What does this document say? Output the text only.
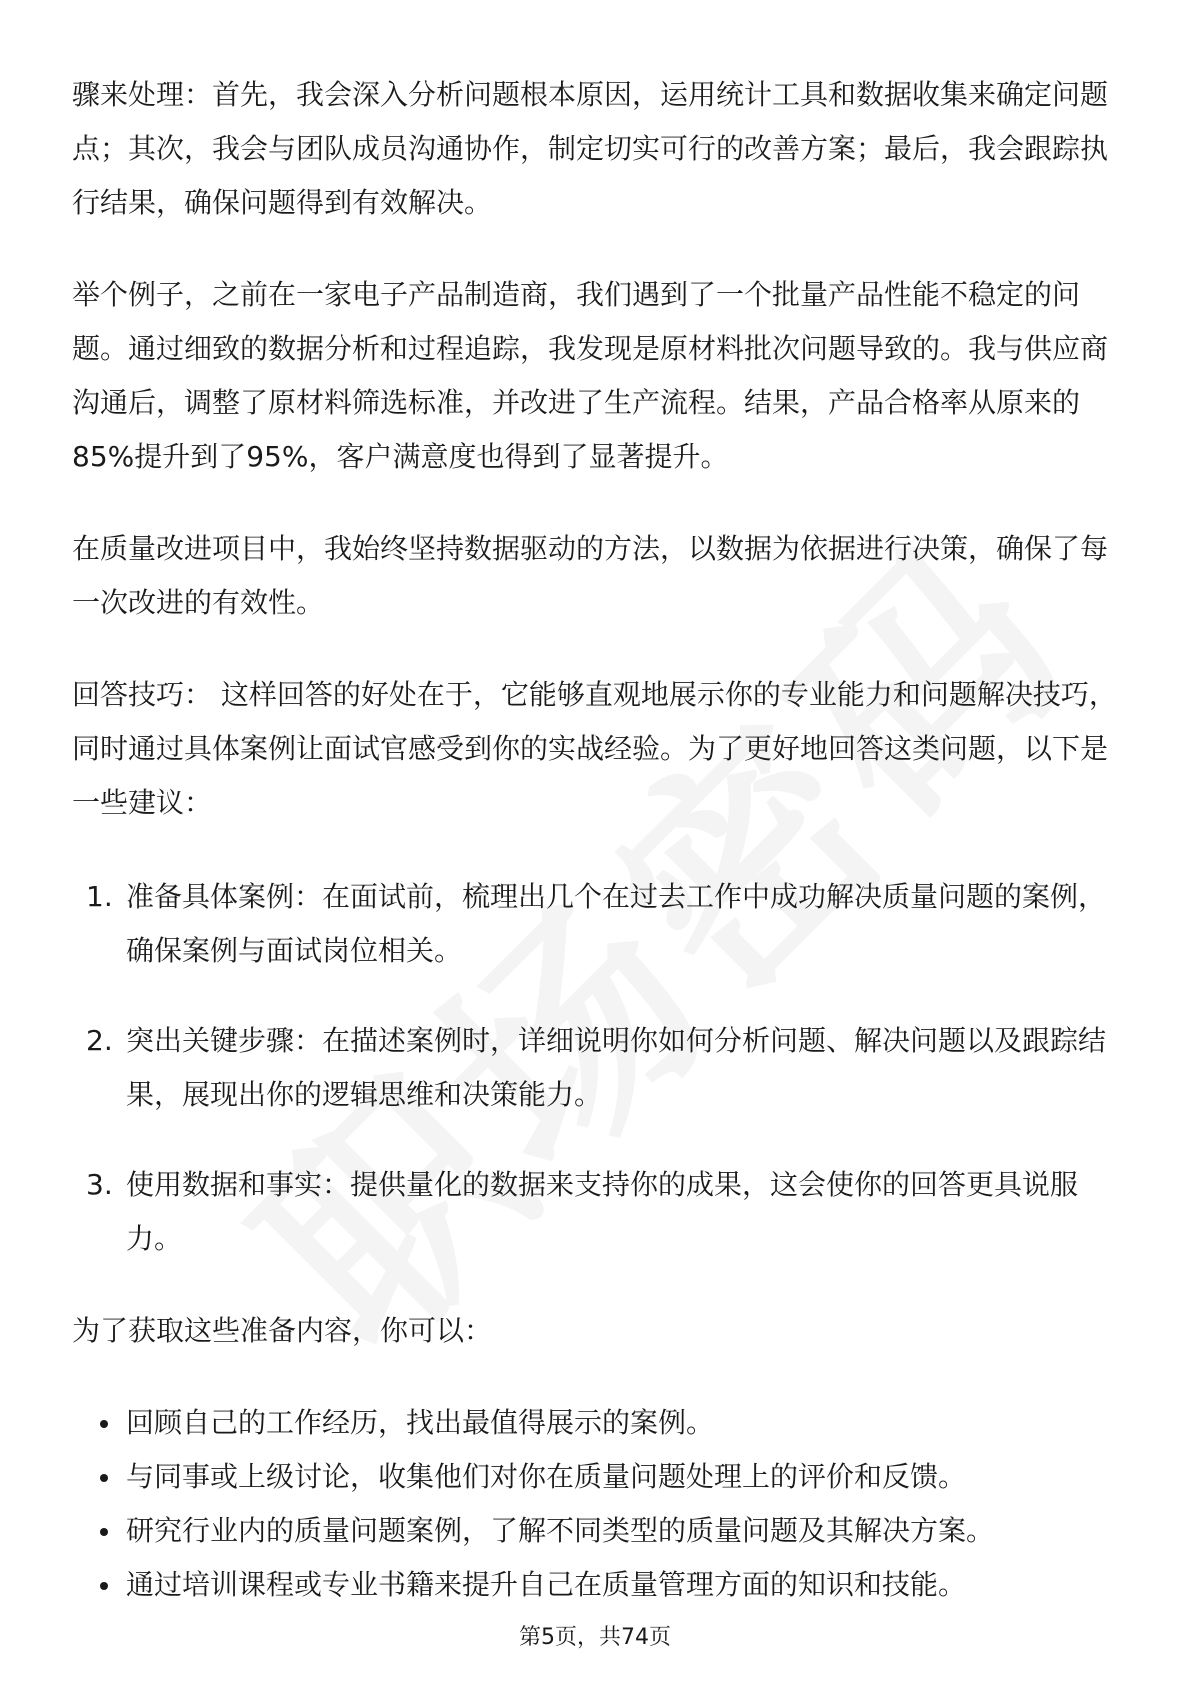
骤来处理：首先，我会深入分析问题根本原因，运用统计工具和数据收集来确定问题点；其次，我会与团队成员沟通协作，制定切实可行的改善方案；最后，我会跟踪执行结果，确保问题得到有效解决。

举个例子，之前在一家电子产品制造商，我们遇到了一个批量产品性能不稳定的问题。通过细致的数据分析和过程追踪，我发现是原材料批次问题导致的。我与供应商沟通后，调整了原材料筛选标准，并改进了生产流程。结果，产品合格率从原来的85%提升到了95%，客户满意度也得到了显著提升。

在质量改进项目中，我始终坚持数据驱动的方法，以数据为依据进行决策，确保了每一次改进的有效性。

回答技巧： 这样回答的好处在于，它能够直观地展示你的专业能力和问题解决技巧，同时通过具体案例让面试官感受到你的实战经验。为了更好地回答这类问题，以下是一些建议：

1. 准备具体案例：在面试前，梳理出几个在过去工作中成功解决质量问题的案例，确保案例与面试岗位相关。
2. 突出关键步骤：在描述案例时，详细说明你如何分析问题、解决问题以及跟踪结果，展现出你的逻辑思维和决策能力。
3. 使用数据和事实：提供量化的数据来支持你的成果，这会使你的回答更具说服力。

为了获取这些准备内容，你可以：

回顾自己的工作经历，找出最值得展示的案例。
与同事或上级讨论，收集他们对你在质量问题处理上的评价和反馈。
研究行业内的质量问题案例，了解不同类型的质量问题及其解决方案。
通过培训课程或专业书籍来提升自己在质量管理方面的知识和技能。
第5页，共74页
